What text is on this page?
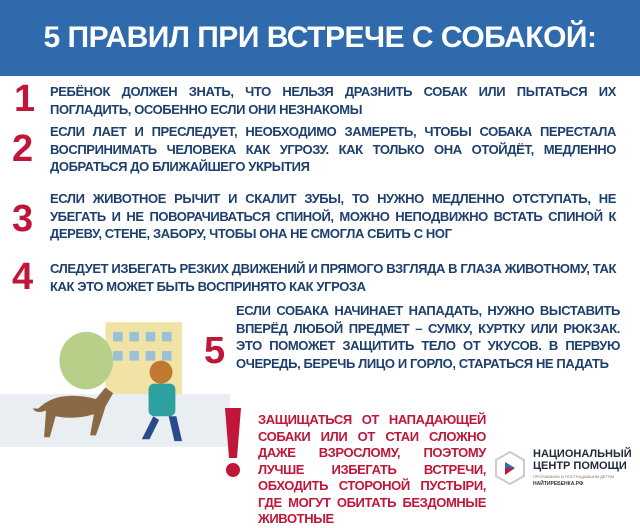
5 ПРАВИЛ ПРИ ВСТРЕЧЕ С СОБАКОЙ:
1 РЕБЁНОК ДОЛЖЕН ЗНАТЬ, ЧТО НЕЛЬЗЯ ДРАЗНИТЬ СОБАК ИЛИ ПЫТАТЬСЯ ИХ ПОГЛАДИТЬ, ОСОБЕННО ЕСЛИ ОНИ НЕЗНАКОМЫ
2 ЕСЛИ ЛАЕТ И ПРЕСЛЕДУЕТ, НЕОБХОДИМО ЗАМЕРЕТЬ, ЧТОБЫ СОБАКА ПЕРЕСТАЛА ВОСПРИНИМАТЬ ЧЕЛОВЕКА КАК УГРОЗУ. КАК ТОЛЬКО ОНА ОТОЙДЁТ, МЕДЛЕННО ДОБРАТЬСЯ ДО БЛИЖАЙШЕГО УКРЫТИЯ
3 ЕСЛИ ЖИВОТНОЕ РЫЧИТ И СКАЛИТ ЗУБЫ, ТО НУЖНО МЕДЛЕННО ОТСТУПАТЬ, НЕ УБЕГАТЬ И НЕ ПОВОРАЧИВАТЬСЯ СПИНОЙ, МОЖНО НЕПОДВИЖНО ВСТАТЬ СПИНОЙ К ДЕРЕВУ, СТЕНЕ, ЗАБОРУ, ЧТОБЫ ОНА НЕ СМОГЛА СБИТЬ С НОГ
4 СЛЕДУЕТ ИЗБЕГАТЬ РЕЗКИХ ДВИЖЕНИЙ И ПРЯМОГО ВЗГЛЯДА В ГЛАЗА ЖИВОТНОМУ, ТАК КАК ЭТО МОЖЕТ БЫТЬ ВОСПРИНЯТО КАК УГРОЗА
5
ЕСЛИ СОБАКА НАЧИНАЕТ НАПАДАТЬ, НУЖНО ВЫСТАВИТЬ ВПЕРЁД ЛЮБОЙ ПРЕДМЕТ – СУМКУ, КУРТКУ ИЛИ РЮКЗАК. ЭТО ПОМОЖЕТ ЗАЩИТИТЬ ТЕЛО ОТ УКУСОВ. В ПЕРВУЮ ОЧЕРЕДЬ, БЕРЕЧЬ ЛИЦО И ГОРЛО, СТАРАТЬСЯ НЕ ПАДАТЬ
ЗАЩИЩАТЬСЯ ОТ НАПАДАЮЩЕЙ СОБАКИ ИЛИ ОТ СТАИ СЛОЖНО ДАЖЕ ВЗРОСЛОМУ, ПОЭТОМУ ЛУЧШЕ ИЗБЕГАТЬ ВСТРЕЧИ, ОБХОДИТЬ СТОРОНОЙ ПУСТЫРИ, ГДЕ МОГУТ ОБИТАТЬ БЕЗДОМНЫЕ ЖИВОТНЫЕ
НАЦИОНАЛЬНЫЙ
ЦЕНТР ПОМОЩИ
ПРОПАВШИМ И ПОСТРАДАВШИМ ДЕТЯМ
НАЙТИРЕБЕНКА.РФ
